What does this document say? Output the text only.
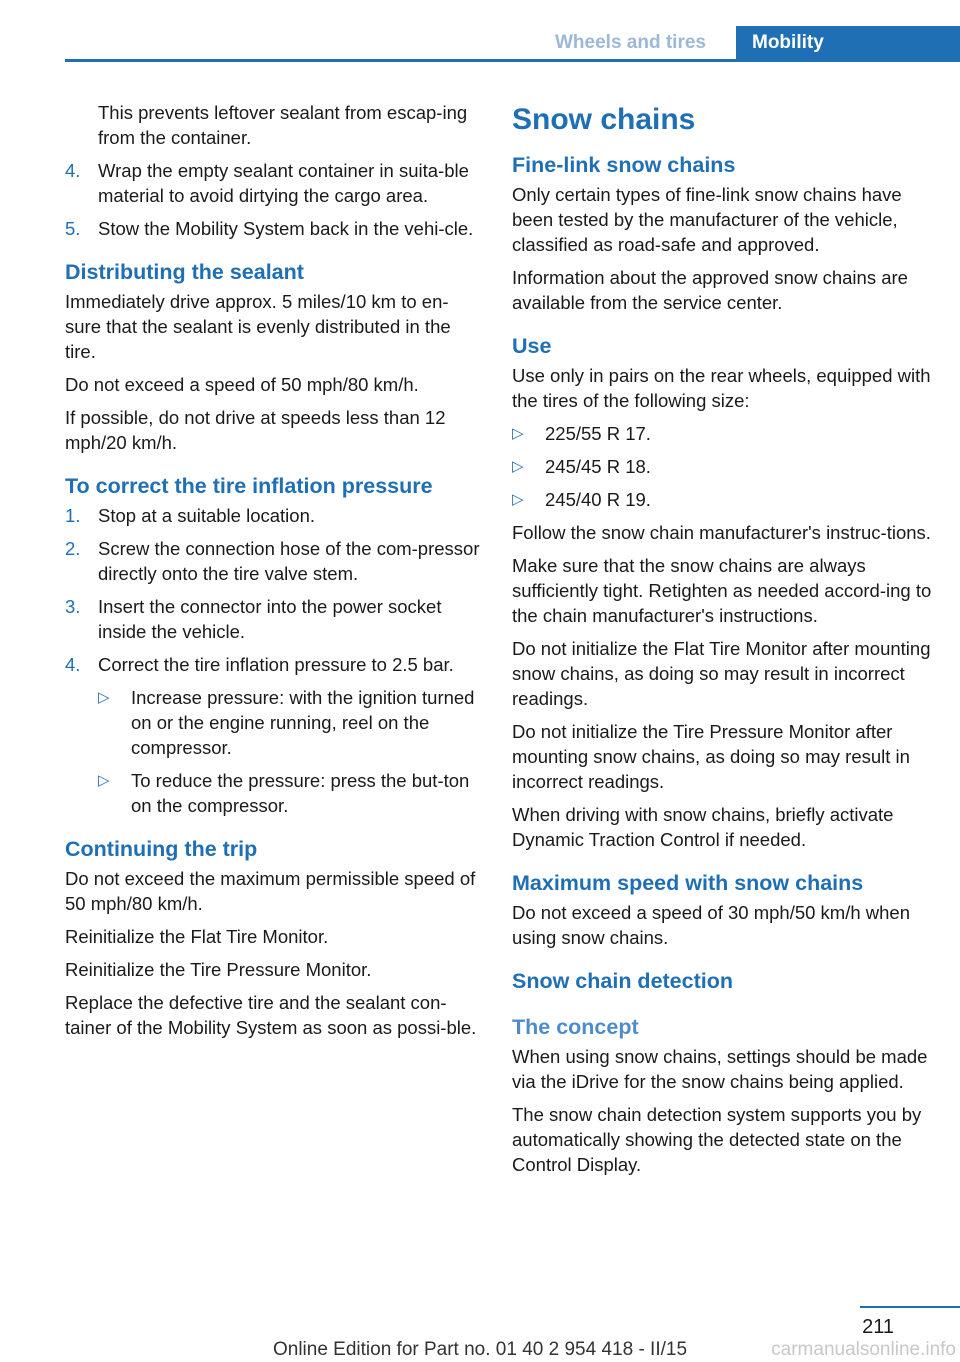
Wheels and tires	Mobility

This prevents leftover sealant from escap-ing from the container.

4. Wrap the empty sealant container in suita-ble material to avoid dirtying the cargo area.
5. Stow the Mobility System back in the vehi-cle.
Distributing the sealant

Immediately drive approx. 5 miles/10 km to en-sure that the sealant is evenly distributed in the tire.

Do not exceed a speed of 50 mph/80 km/h.

If possible, do not drive at speeds less than 12 mph/20 km/h.

To correct the tire inflation pressure
1. Stop at a suitable location.
2. Screw the connection hose of the com-pressor directly onto the tire valve stem.
3. Insert the connector into the power socket inside the vehicle.
4. Correct the tire inflation pressure to 2.5 bar.
▷ Increase pressure: with the ignition turned on or the engine running, reel on the compressor.
▷ To reduce the pressure: press the but-ton on the compressor.
Continuing the trip

Do not exceed the maximum permissible speed of 50 mph/80 km/h.

Reinitialize the Flat Tire Monitor.

Reinitialize the Tire Pressure Monitor.

Replace the defective tire and the sealant con-tainer of the Mobility System as soon as possi-ble.

Snow chains
Fine-link snow chains

Only certain types of fine-link snow chains have been tested by the manufacturer of the vehicle, classified as road-safe and approved.

Information about the approved snow chains are available from the service center.

Use

Use only in pairs on the rear wheels, equipped with the tires of the following size:

▷ 225/55 R 17.
▷ 245/45 R 18.
▷ 245/40 R 19.

Follow the snow chain manufacturer's instruc-tions.

Make sure that the snow chains are always sufficiently tight. Retighten as needed accord-ing to the chain manufacturer's instructions.

Do not initialize the Flat Tire Monitor after mounting snow chains, as doing so may result in incorrect readings.

Do not initialize the Tire Pressure Monitor after mounting snow chains, as doing so may result in incorrect readings.

When driving with snow chains, briefly activate Dynamic Traction Control if needed.

Maximum speed with snow chains

Do not exceed a speed of 30 mph/50 km/h when using snow chains.

Snow chain detection
The concept

When using snow chains, settings should be made via the iDrive for the snow chains being applied.

The snow chain detection system supports you by automatically showing the detected state on the Control Display.

211
carmanualsonline.info
Online Edition for Part no. 01 40 2 954 418 - II/15
